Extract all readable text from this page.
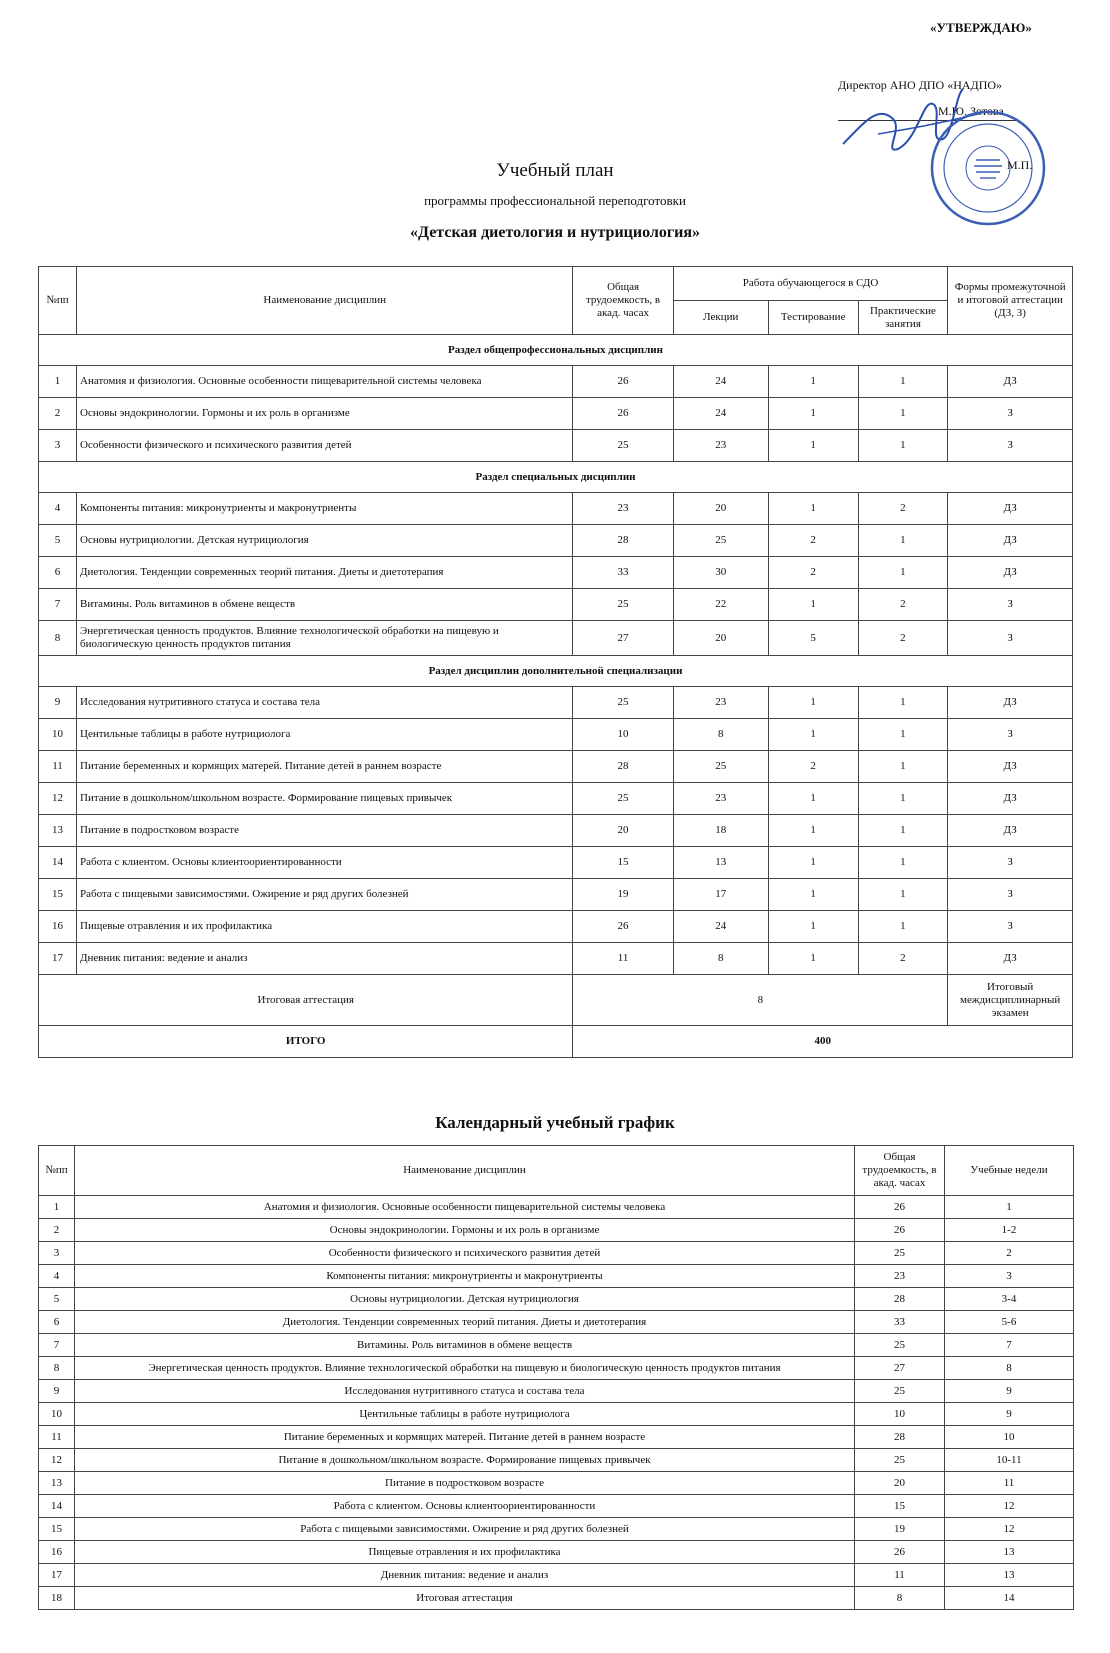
«УТВЕРЖДАЮ»
Директор АНО ДПО «НАДПО»
М.Ю. Зотова
М.П.
Учебный план
программы профессиональной переподготовки
«Детская диетология и нутрициология»
№пп	Наименование дисциплин	Общая трудоемкость, в акад. часах	Работа обучающегося в СДО			Формы промежуточной и итоговой аттестации (ДЗ, З)
			Лекции	Тестирование	Практические занятия	
Раздел общепрофессиональных дисциплин						
1	Анатомия и физиология. Основные особенности пищеварительной системы человека	26	24	1	1	ДЗ
2	Основы эндокринологии. Гормоны и их роль в организме	26	24	1	1	З
3	Особенности физического и психического развития детей	25	23	1	1	З
Раздел специальных дисциплин						
4	Компоненты питания: микронутриенты и макронутриенты	23	20	1	2	ДЗ
5	Основы нутрициологии. Детская нутрициология	28	25	2	1	ДЗ
6	Диетология. Тенденции современных теорий питания. Диеты и диетотерапия	33	30	2	1	ДЗ
7	Витамины. Роль витаминов в обмене веществ	25	22	1	2	З
8	Энергетическая ценность продуктов. Влияние технологической обработки на пищевую и биологическую ценность продуктов питания	27	20	5	2	З
Раздел дисциплин дополнительной специализации						
9	Исследования нутритивного статуса и состава тела	25	23	1	1	ДЗ
10	Центильные таблицы в работе нутрициолога	10	8	1	1	З
11	Питание беременных и кормящих матерей. Питание детей в раннем возрасте	28	25	2	1	ДЗ
12	Питание в дошкольном/школьном возрасте. Формирование пищевых привычек	25	23	1	1	ДЗ
13	Питание в подростковом возрасте	20	18	1	1	ДЗ
14	Работа с клиентом. Основы клиентоориентированности	15	13	1	1	З
15	Работа с пищевыми зависимостями. Ожирение и ряд других болезней	19	17	1	1	З
16	Пищевые отравления и их профилактика	26	24	1	1	З
17	Дневник питания: ведение и анализ	11	8	1	2	ДЗ
Итоговая аттестация		8				Итоговый междисциплинарный экзамен
ИТОГО		400				
Календарный учебный график
№пп	Наименование дисциплин	Общая трудоемкость, в акад. часах	Учебные недели
1	Анатомия и физиология. Основные особенности пищеварительной системы человека	26	1
2	Основы эндокринологии. Гормоны и их роль в организме	26	1-2
3	Особенности физического и психического развития детей	25	2
4	Компоненты питания: микронутриенты и макронутриенты	23	3
5	Основы нутрициологии. Детская нутрициология	28	3-4
6	Диетология. Тенденции современных теорий питания. Диеты и диетотерапия	33	5-6
7	Витамины. Роль витаминов в обмене веществ	25	7
8	Энергетическая ценность продуктов. Влияние технологической обработки на пищевую и биологическую ценность продуктов питания	27	8
9	Исследования нутритивного статуса и состава тела	25	9
10	Центильные таблицы в работе нутрициолога	10	9
11	Питание беременных и кормящих матерей. Питание детей в раннем возрасте	28	10
12	Питание в дошкольном/школьном возрасте. Формирование пищевых привычек	25	10-11
13	Питание в подростковом возрасте	20	11
14	Работа с клиентом. Основы клиентоориентированности	15	12
15	Работа с пищевыми зависимостями. Ожирение и ряд других болезней	19	12
16	Пищевые отравления и их профилактика	26	13
17	Дневник питания: ведение и анализ	11	13
18	Итоговая аттестация	8	14
